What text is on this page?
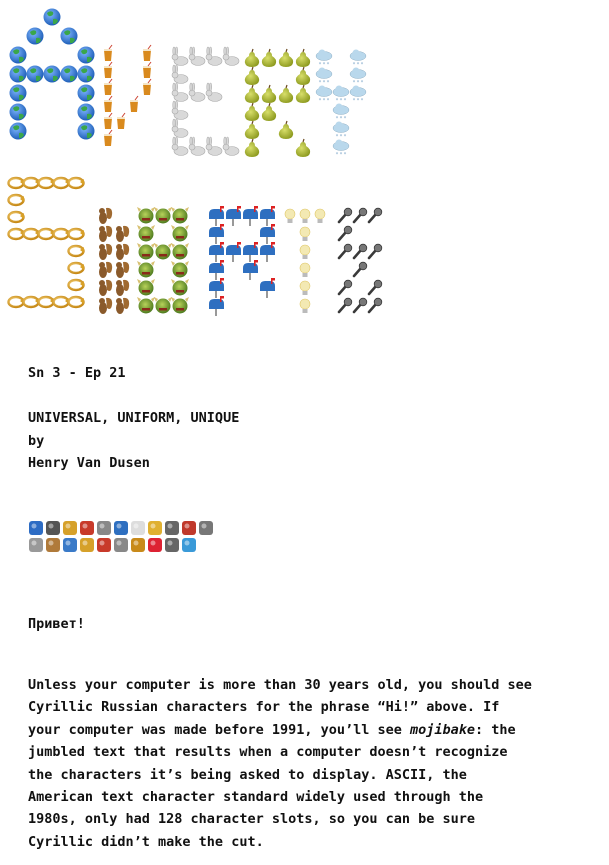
* * *	* * *
* * *	* * *
* * * * * * * * *
* * *
* * *
* * *
Sn 3 - Ep 21
UNIVERSAL, UNIFORM, UNIQUE
by
Henry Van Dusen
Привет!
Unless your computer is more than 30 years old, you should see
Cyrillic Russian characters for the phrase “Hi!” above. If
your computer was made before 1991, you’ll see mojibake: the
jumbled text that results when a computer doesn’t recognize
the characters it’s being asked to display. ASCII, the
American text character standard widely used through the
1980s, only had 128 character slots, so you can be sure
Cyrillic didn’t make the cut.
